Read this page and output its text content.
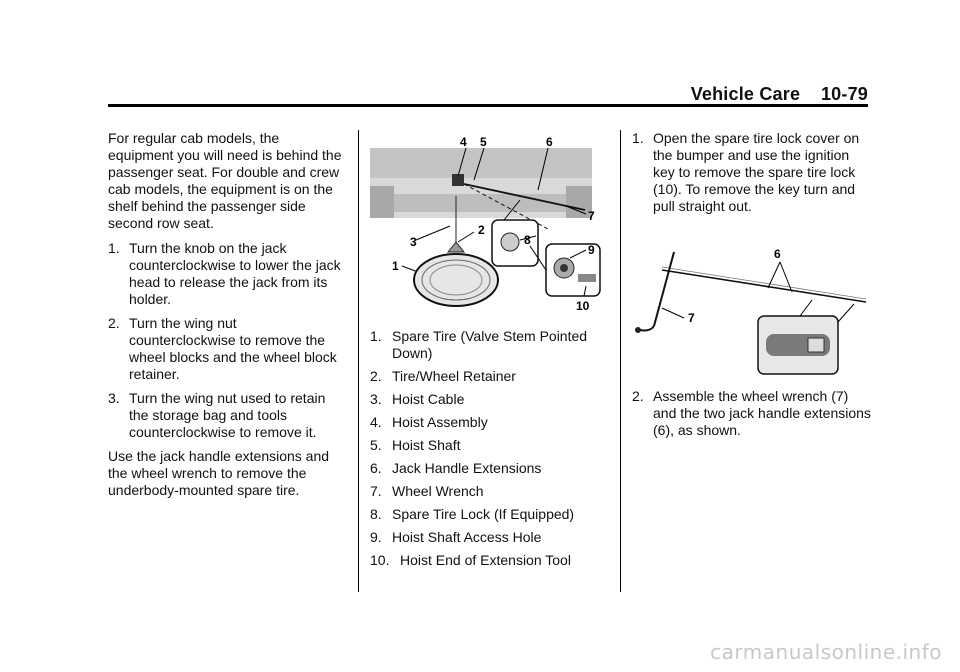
Vehicle Care    10-79

For regular cab models, the equipment you will need is behind the passenger seat. For double and crew cab models, the equipment is on the shelf behind the passenger side second row seat.

1. Turn the knob on the jack counterclockwise to lower the jack head to release the jack from its holder.
2. Turn the wing nut counterclockwise to remove the wheel blocks and the wheel block retainer.
3. Turn the wing nut used to retain the storage bag and tools counterclockwise to remove it.

Use the jack handle extensions and the wheel wrench to remove the underbody-mounted spare tire.

4 5	6
7
8
2
3
1
9
10
1. Spare Tire (Valve Stem Pointed Down)
2. Tire/Wheel Retainer
3. Hoist Cable
4. Hoist Assembly
5. Hoist Shaft
6. Jack Handle Extensions
7. Wheel Wrench
8. Spare Tire Lock (If Equipped)
9. Hoist Shaft Access Hole
10. Hoist End of Extension Tool
1. Open the spare tire lock cover on the bumper and use the ignition key to remove the spare tire lock (10). To remove the key turn and pull straight out.
7
6
2. Assemble the wheel wrench (7) and the two jack handle extensions (6), as shown.
carmanualsonline.info
